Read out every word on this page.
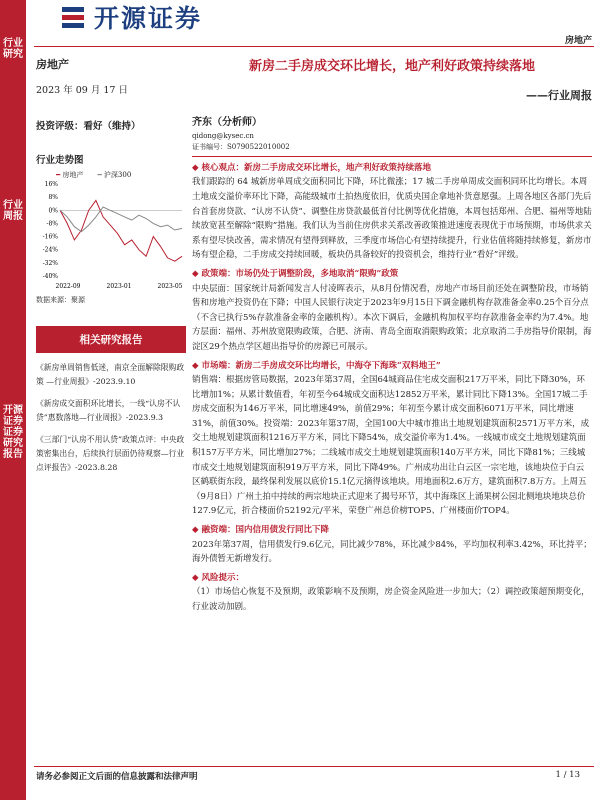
行业研究
行业周报
开源证券 证券研究报告
开源证券
房地产
房地产
2023 年 09 月 17 日
投资评级：看好（维持）
行业走势图
━ 房地产 ━ 沪深300
16%
8%
0%
-8%
-16%
-24%
-32%
-40%
2022-09	2023-01	2023-05
数据来源：聚源
相关研究报告
《新房单周销售低迷，南京全面解除限购政策 —行业周报》-2023.9.10
《新房成交面积环比增长，一线“认房不认贷”惠数落地—行业周报》-2023.9.3
《三部门“认房不用认贷”政策点评：中央政策密集出台，后续执行层面仍待观察—行业点评报告》-2023.8.28
新房二手房成交环比增长，地产利好政策持续落地
——行业周报
齐东（分析师）
qidong@kysec.cn
证书编号：S0790522010002
◆ 核心观点：新房二手房成交环比增长，地产利好政策持续落地
我们跟踪的 64 城新房单周成交面积同比下降，环比微涨；17 城二手房单周成交面积同环比均增长。本周土地成交溢价率环比下降，高能级城市土拍热度依旧，优质央国企拿地补货意愿强。上周各地区各部门先后台首套房贷款、“认房不认贷”、调整住房贷款最低首付比例等优化措施，本周包括郑州、合肥、福州等地陆续放宽甚至解除“限购”措施。我们认为当前住房供求关系改善政策推进速度表现优于市场预期，市场供求关系有望尽快改善，需求情况有望得到释放，三季度市场信心有望持续提升，行业估值将随持续修复，新房市场有望企稳，二手房成交持续回暖，板块仍具备较好的投资机会，维持行业“看好”评级。
◆ 政策端：市场仍处于调整阶段，多地取消“限购”政策
中央层面：国家统计局新闻发言人付凌晖表示，从8月份情况看，房地产市场目前还处在调整阶段，市场销售和房地产投资仍在下降；中国人民银行决定于2023年9月15日下调金融机构存款准备金率0.25个百分点（不含已执行5%存款准备金率的金融机构）。本次下调后，金融机构加权平均存款准备金率约为7.4%。地方层面：福州、苏州放宽限购政策，合肥、济南、青岛全面取消限购政策；北京取消二手房指导价限制，海淀区29个热点学区超出指导价的房源已可展示。
◆ 市场端：新房二手房成交环比均增长，中海夺下海珠“双料地王”
销售端：根据房管局数据，2023年第37周，全国64城商品住宅成交面积217万平米，同比下降30%，环比增加1%；从累计数值看，年初至今64城成交面积达12852万平米，累计同比下降13%。全国17城二手房成交面积为146万平米，同比增速49%，前值29%；年初至今累计成交面积6071万平米，同比增速31%，前值30%。投资端：2023年第37周，全国100大中城市推出土地规划建筑面积2571万平方米，成交土地规划建筑面积1216万平方米，同比下降54%，成交溢价率为1.4%。一线城市成交土地规划建筑面积157万平方米，同比增加27%；二线城市成交土地规划建筑面积140万平方米，同比下降81%；三线城市成交土地规划建筑面积919万平方米，同比下降49%。广州成功出让白云区一宗宅地，该地块位于白云区鹤联街东段，最终保利发展以底价15.1亿元摘得该地块。用地面积2.6万方，建筑面积7.8万方。上周五（9月8日）广州土拍中持续的两宗地块正式迎来了揭号环节，其中海珠区上涌果树公园北侧地块地块总价127.9亿元，折合楼面价52192元/平米，荣登广州总价榜TOP5、广州楼面价TOP4。
◆ 融资端：国内信用债发行同比下降
2023年第37周，信用债发行9.6亿元，同比减少78%，环比减少84%，平均加权利率3.42%，环比持平；海外债暂无新增发行。
◆ 风险提示：
（1）市场信心恢复不及预期，政策影响不及预期，房企资金风险进一步加大；（2）调控政策超预期变化，行业波动加剧。
请务必参阅正文后面的信息披露和法律声明	1 / 13
